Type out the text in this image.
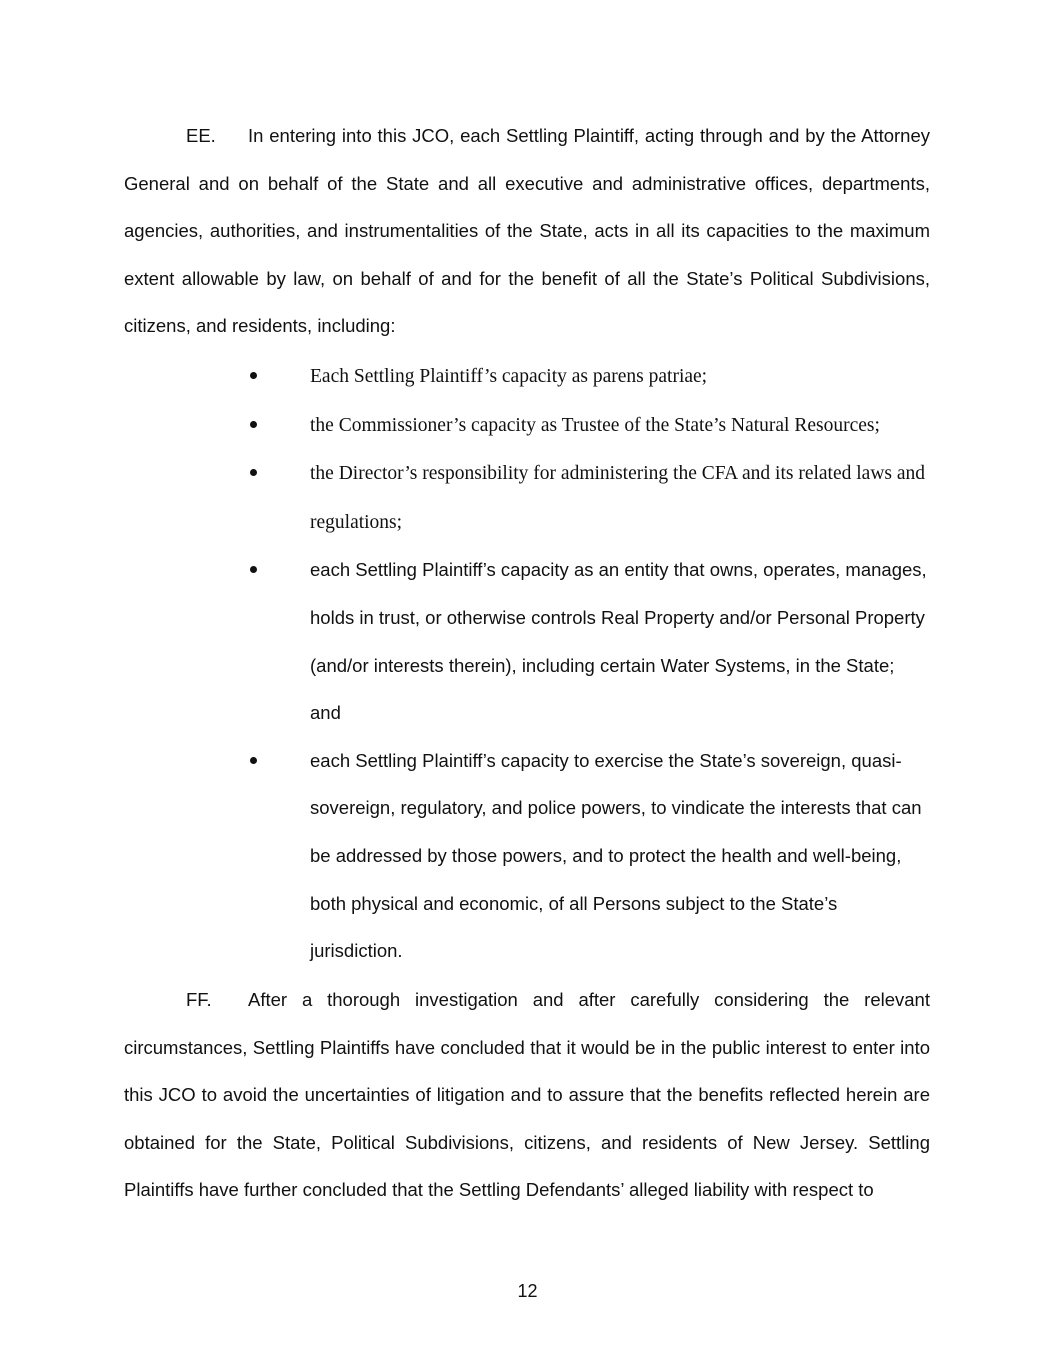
EE. In entering into this JCO, each Settling Plaintiff, acting through and by the Attorney General and on behalf of the State and all executive and administrative offices, departments, agencies, authorities, and instrumentalities of the State, acts in all its capacities to the maximum extent allowable by law, on behalf of and for the benefit of all the State’s Political Subdivisions, citizens, and residents, including:

Each Settling Plaintiff’s capacity as parens patriae;
the Commissioner’s capacity as Trustee of the State’s Natural Resources;
the Director’s responsibility for administering the CFA and its related laws and regulations;
each Settling Plaintiff’s capacity as an entity that owns, operates, manages, holds in trust, or otherwise controls Real Property and/or Personal Property (and/or interests therein), including certain Water Systems, in the State; and
each Settling Plaintiff’s capacity to exercise the State’s sovereign, quasi-sovereign, regulatory, and police powers, to vindicate the interests that can be addressed by those powers, and to protect the health and well-being, both physical and economic, of all Persons subject to the State’s jurisdiction.

FF. After a thorough investigation and after carefully considering the relevant circumstances, Settling Plaintiffs have concluded that it would be in the public interest to enter into this JCO to avoid the uncertainties of litigation and to assure that the benefits reflected herein are obtained for the State, Political Subdivisions, citizens, and residents of New Jersey. Settling Plaintiffs have further concluded that the Settling Defendants’ alleged liability with respect to

12
